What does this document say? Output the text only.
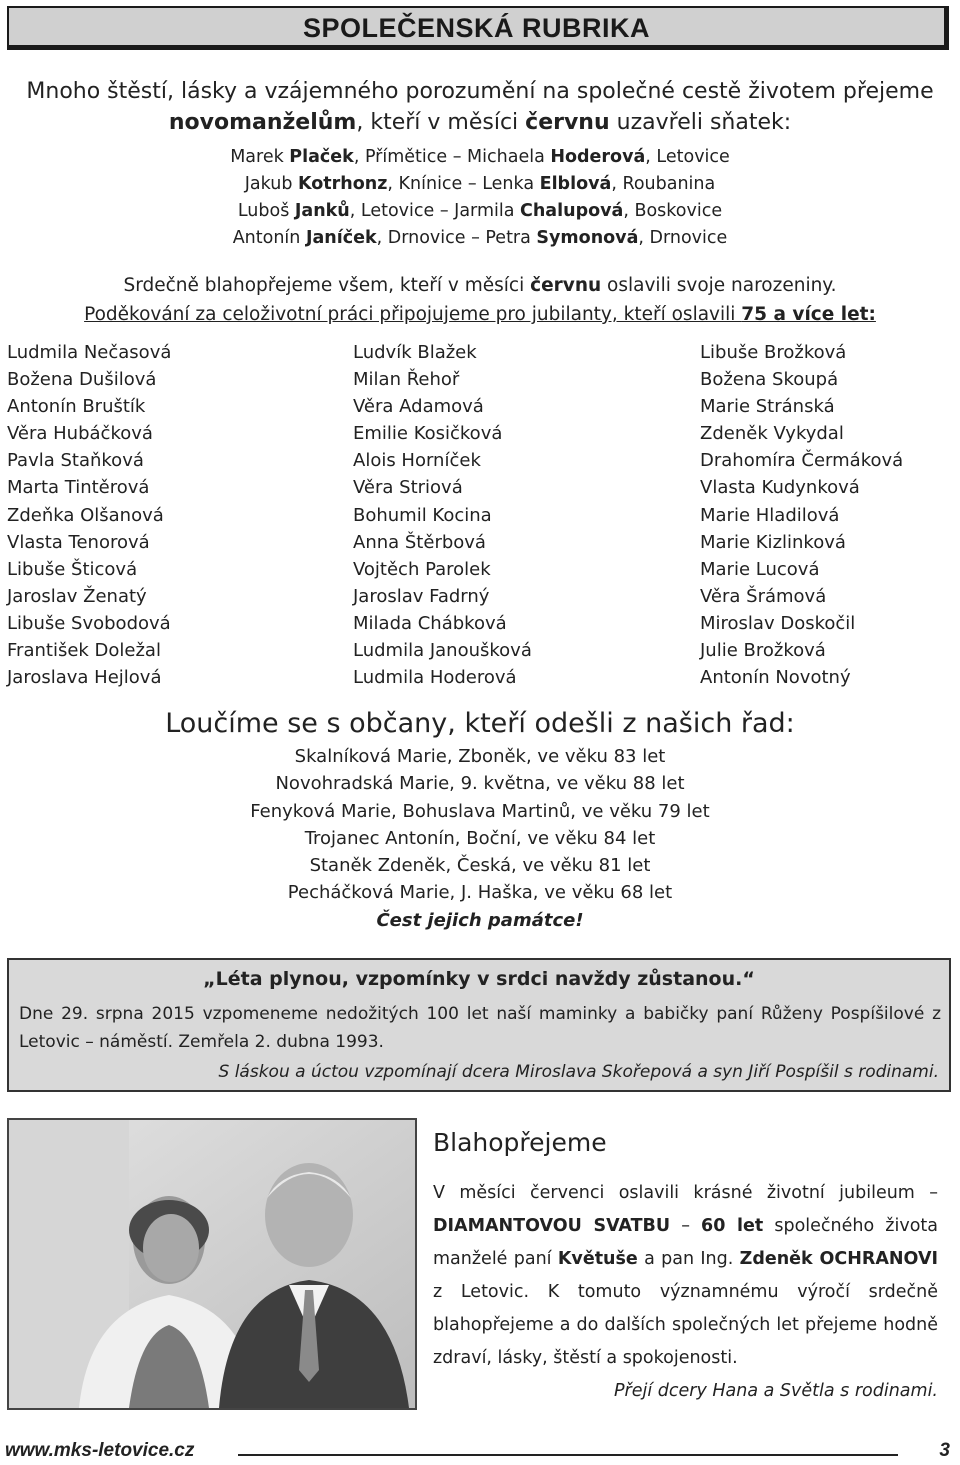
SPOLEČENSKÁ RUBRIKA
Mnoho štěstí, lásky a vzájemného porozumění na společné cestě životem přejeme
novomanželům, kteří v měsíci červnu uzavřeli sňatek:
Marek Plaček, Přímětice – Michaela Hoderová, Letovice
Jakub Kotrhonz, Knínice – Lenka Elblová, Roubanina
Luboš Janků, Letovice – Jarmila Chalupová, Boskovice
Antonín Janíček, Drnovice – Petra Symonová, Drnovice
Srdečně blahopřejeme všem, kteří v měsíci červnu oslavili svoje narozeniny.
Poděkování za celoživotní práci připojujeme pro jubilanty, kteří oslavili 75 a více let:
Ludmila Nečasová
Božena Dušilová
Antonín Bruštík
Věra Hubáčková
Pavla Staňková
Marta Tintěrová
Zdeňka Olšanová
Vlasta Tenorová
Libuše Šticová
Jaroslav Ženatý
Libuše Svobodová
František Doležal
Jaroslava Hejlová
Ludvík Blažek
Milan Řehoř
Věra Adamová
Emilie Kosičková
Alois Horníček
Věra Striová
Bohumil Kocina
Anna Štěrbová
Vojtěch Parolek
Jaroslav Fadrný
Milada Chábková
Ludmila Janoušková
Ludmila Hoderová
Libuše Brožková
Božena Skoupá
Marie Stránská
Zdeněk Vykydal
Drahomíra Čermáková
Vlasta Kudynková
Marie Hladilová
Marie Kizlinková
Marie Lucová
Věra Šrámová
Miroslav Doskočil
Julie Brožková
Antonín Novotný
Loučíme se s občany, kteří odešli z našich řad:
Skalníková Marie, Zboněk, ve věku 83 let
Novohradská Marie, 9. května, ve věku 88 let
Fenyková Marie, Bohuslava Martinů, ve věku 79 let
Trojanec Antonín, Boční, ve věku 84 let
Staněk Zdeněk, Česká, ve věku 81 let
Pecháčková Marie, J. Haška, ve věku 68 let
Čest jejich památce!
„Léta plynou, vzpomínky v srdci navždy zůstanou.“
Dne 29. srpna 2015 vzpomeneme nedožitých 100 let naší maminky a babičky paní Růženy Pospíšilové z Letovic – náměstí. Zemřela 2. dubna 1993.
S láskou a úctou vzpomínají dcera Miroslava Skořepová a syn Jiří Pospíšil s rodinami.
Blahopřejeme
V měsíci červenci oslavili krásné životní jubileum – DIAMANTOVOU SVATBU – 60 let společného života manželé paní Květuše a pan Ing. Zdeněk OCHRANOVI z Letovic. K tomuto významnému výročí srdečně blahopřejeme a do dalších společných let přejeme hodně zdraví, lásky, štěstí a spokojenosti.
Přejí dcery Hana a Světla s rodinami.
www.mks-letovice.cz	3
